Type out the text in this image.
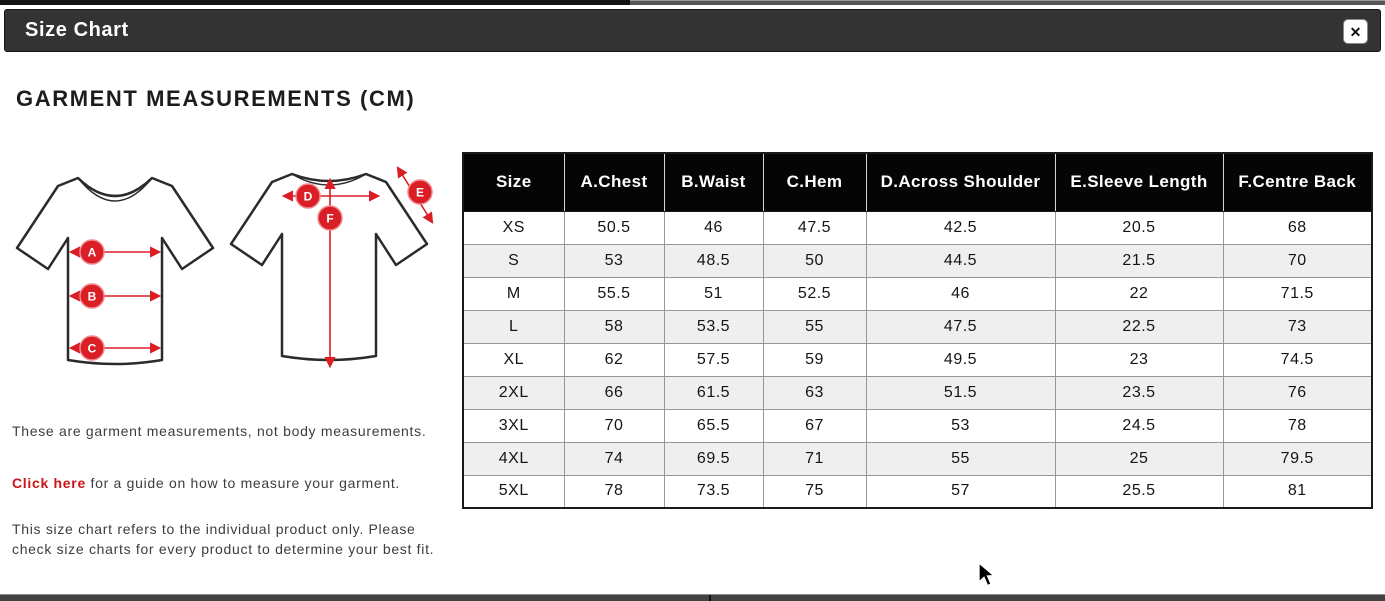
Size Chart	✕
GARMENT MEASUREMENTS (CM)
A
B
C
D	E
F
These are garment measurements, not body measurements.
Click here for a guide on how to measure your garment.
This size chart refers to the individual product only. Please check size charts for every product to determine your best fit.
Size	A.Chest	B.Waist	C.Hem	D.Across Shoulder	E.Sleeve Length	F.Centre Back
XS	50.5	46	47.5	42.5	20.5	68
S	53	48.5	50	44.5	21.5	70
M	55.5	51	52.5	46	22	71.5
L	58	53.5	55	47.5	22.5	73
XL	62	57.5	59	49.5	23	74.5
2XL	66	61.5	63	51.5	23.5	76
3XL	70	65.5	67	53	24.5	78
4XL	74	69.5	71	55	25	79.5
5XL	78	73.5	75	57	25.5	81
